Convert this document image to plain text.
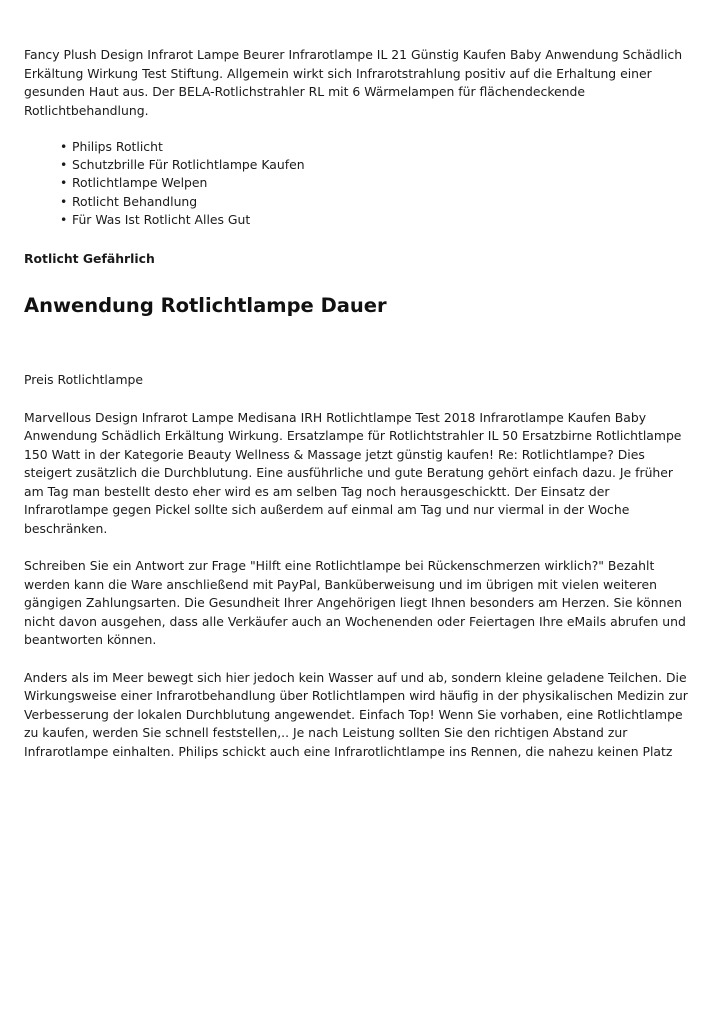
Fancy Plush Design Infrarot Lampe Beurer Infrarotlampe IL 21 Günstig Kaufen Baby Anwendung Schädlich Erkältung Wirkung Test Stiftung. Allgemein wirkt sich Infrarotstrahlung positiv auf die Erhaltung einer gesunden Haut aus. Der BELA-Rotlichstrahler RL mit 6 Wärmelampen für flächendeckende Rotlichtbehandlung.

• Philips Rotlicht
• Schutzbrille Für Rotlichtlampe Kaufen
• Rotlichtlampe Welpen
• Rotlicht Behandlung
• Für Was Ist Rotlicht Alles Gut
Rotlicht Gefährlich
Anwendung Rotlichtlampe Dauer

Preis Rotlichtlampe

Marvellous Design Infrarot Lampe Medisana IRH Rotlichtlampe Test 2018 Infrarotlampe Kaufen Baby Anwendung Schädlich Erkältung Wirkung. Ersatzlampe für Rotlichtstrahler IL 50 Ersatzbirne Rotlichtlampe 150 Watt in der Kategorie Beauty Wellness & Massage jetzt günstig kaufen! Re: Rotlichtlampe? Dies steigert zusätzlich die Durchblutung. Eine ausführliche und gute Beratung gehört einfach dazu. Je früher am Tag man bestellt desto eher wird es am selben Tag noch herausgeschicktt. Der Einsatz der Infrarotlampe gegen Pickel sollte sich außerdem auf einmal am Tag und nur viermal in der Woche beschränken.

Schreiben Sie ein Antwort zur Frage "Hilft eine Rotlichtlampe bei Rückenschmerzen wirklich?" Bezahlt werden kann die Ware anschließend mit PayPal, Banküberweisung und im übrigen mit vielen weiteren gängigen Zahlungsarten. Die Gesundheit Ihrer Angehörigen liegt Ihnen besonders am Herzen. Sie können nicht davon ausgehen, dass alle Verkäufer auch an Wochenenden oder Feiertagen Ihre eMails abrufen und beantworten können.

Anders als im Meer bewegt sich hier jedoch kein Wasser auf und ab, sondern kleine geladene Teilchen. Die Wirkungsweise einer Infrarotbehandlung über Rotlichtlampen wird häufig in der physikalischen Medizin zur Verbesserung der lokalen Durchblutung angewendet. Einfach Top! Wenn Sie vorhaben, eine Rotlichtlampe zu kaufen, werden Sie schnell feststellen,.. Je nach Leistung sollten Sie den richtigen Abstand zur Infrarotlampe einhalten. Philips schickt auch eine Infrarotlichtlampe ins Rennen, die nahezu keinen Platz
